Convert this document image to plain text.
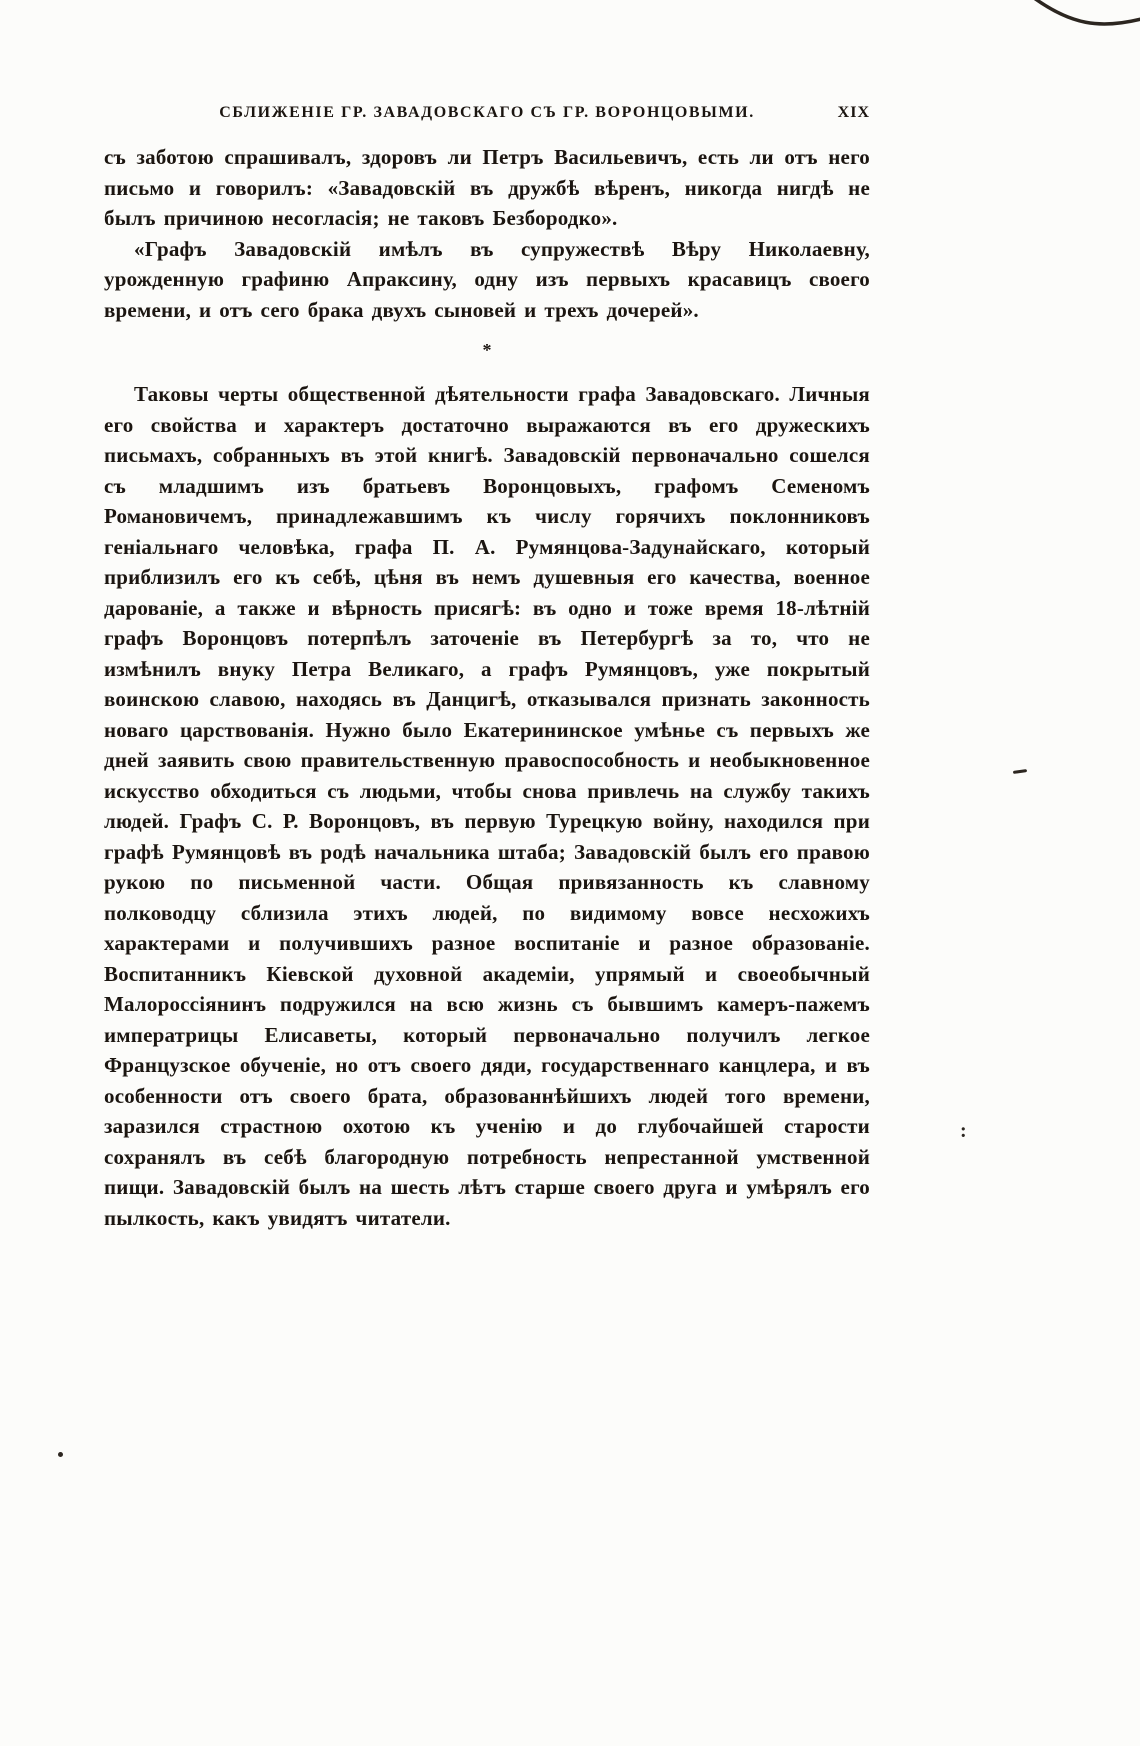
СБЛИЖЕНІЕ ГР. ЗАВАДОВСКАГО СЪ ГР. ВОРОНЦОВЫМИ.	XIX

съ заботою спрашивалъ, здоровъ ли Петръ Васильевичъ, есть ли отъ него письмо и говорилъ: «Завадовскій въ дружбѣ вѣренъ, никогда нигдѣ не былъ причиною несогласія; не таковъ Безбородко».

«Графъ Завадовскій имѣлъ въ супружествѣ Вѣру Николаевну, урожденную графиню Апраксину, одну изъ первыхъ красавицъ своего времени, и отъ сего брака двухъ сыновей и трехъ дочерей».

*

Таковы черты общественной дѣятельности графа Завадовскаго. Личныя его свойства и характеръ достаточно выражаются въ его дружескихъ письмахъ, собранныхъ въ этой книгѣ. Завадовскій первоначально сошелся съ младшимъ изъ братьевъ Воронцовыхъ, графомъ Семеномъ Романовичемъ, принадлежавшимъ къ числу горячихъ поклонниковъ геніальнаго человѣка, графа П. А. Румянцова-Задунайскаго, который приблизилъ его къ себѣ, цѣня въ немъ душевныя его качества, военное дарованіе, а также и вѣрность присягѣ: въ одно и тоже время 18-лѣтній графъ Воронцовъ потерпѣлъ заточеніе въ Петербургѣ за то, что не измѣнилъ внуку Петра Великаго, а графъ Румянцовъ, уже покрытый воинскою славою, находясь въ Данцигѣ, отказывался признать законность новаго царствованія. Нужно было Екатерининское умѣнье съ первыхъ же дней заявить свою правительственную правоспособность и необыкновенное искусство обходиться съ людьми, чтобы снова привлечь на службу такихъ людей. Графъ С. Р. Воронцовъ, въ первую Турецкую войну, находился при графѣ Румянцовѣ въ родѣ начальника штаба; Завадовскій былъ его правою рукою по письменной части. Общая привязанность къ славному полководцу сблизила этихъ людей, по видимому вовсе несхожихъ характерами и получившихъ разное воспитаніе и разное образованіе. Воспитанникъ Кіевской духовной академіи, упрямый и своеобычный Малороссіянинъ подружился на всю жизнь съ бывшимъ камеръ-пажемъ императрицы Елисаветы, который первоначально получилъ легкое Французское обученіе, но отъ своего дяди, государственнаго канцлера, и въ особенности отъ своего брата, образованнѣйшихъ людей того времени, заразился страстною охотою къ ученію и до глубочайшей старости сохранялъ въ себѣ благородную потребность непрестанной умственной пищи. Завадовскій былъ на шесть лѣтъ старше своего друга и умѣрялъ его пылкость, какъ увидятъ читатели.

:
